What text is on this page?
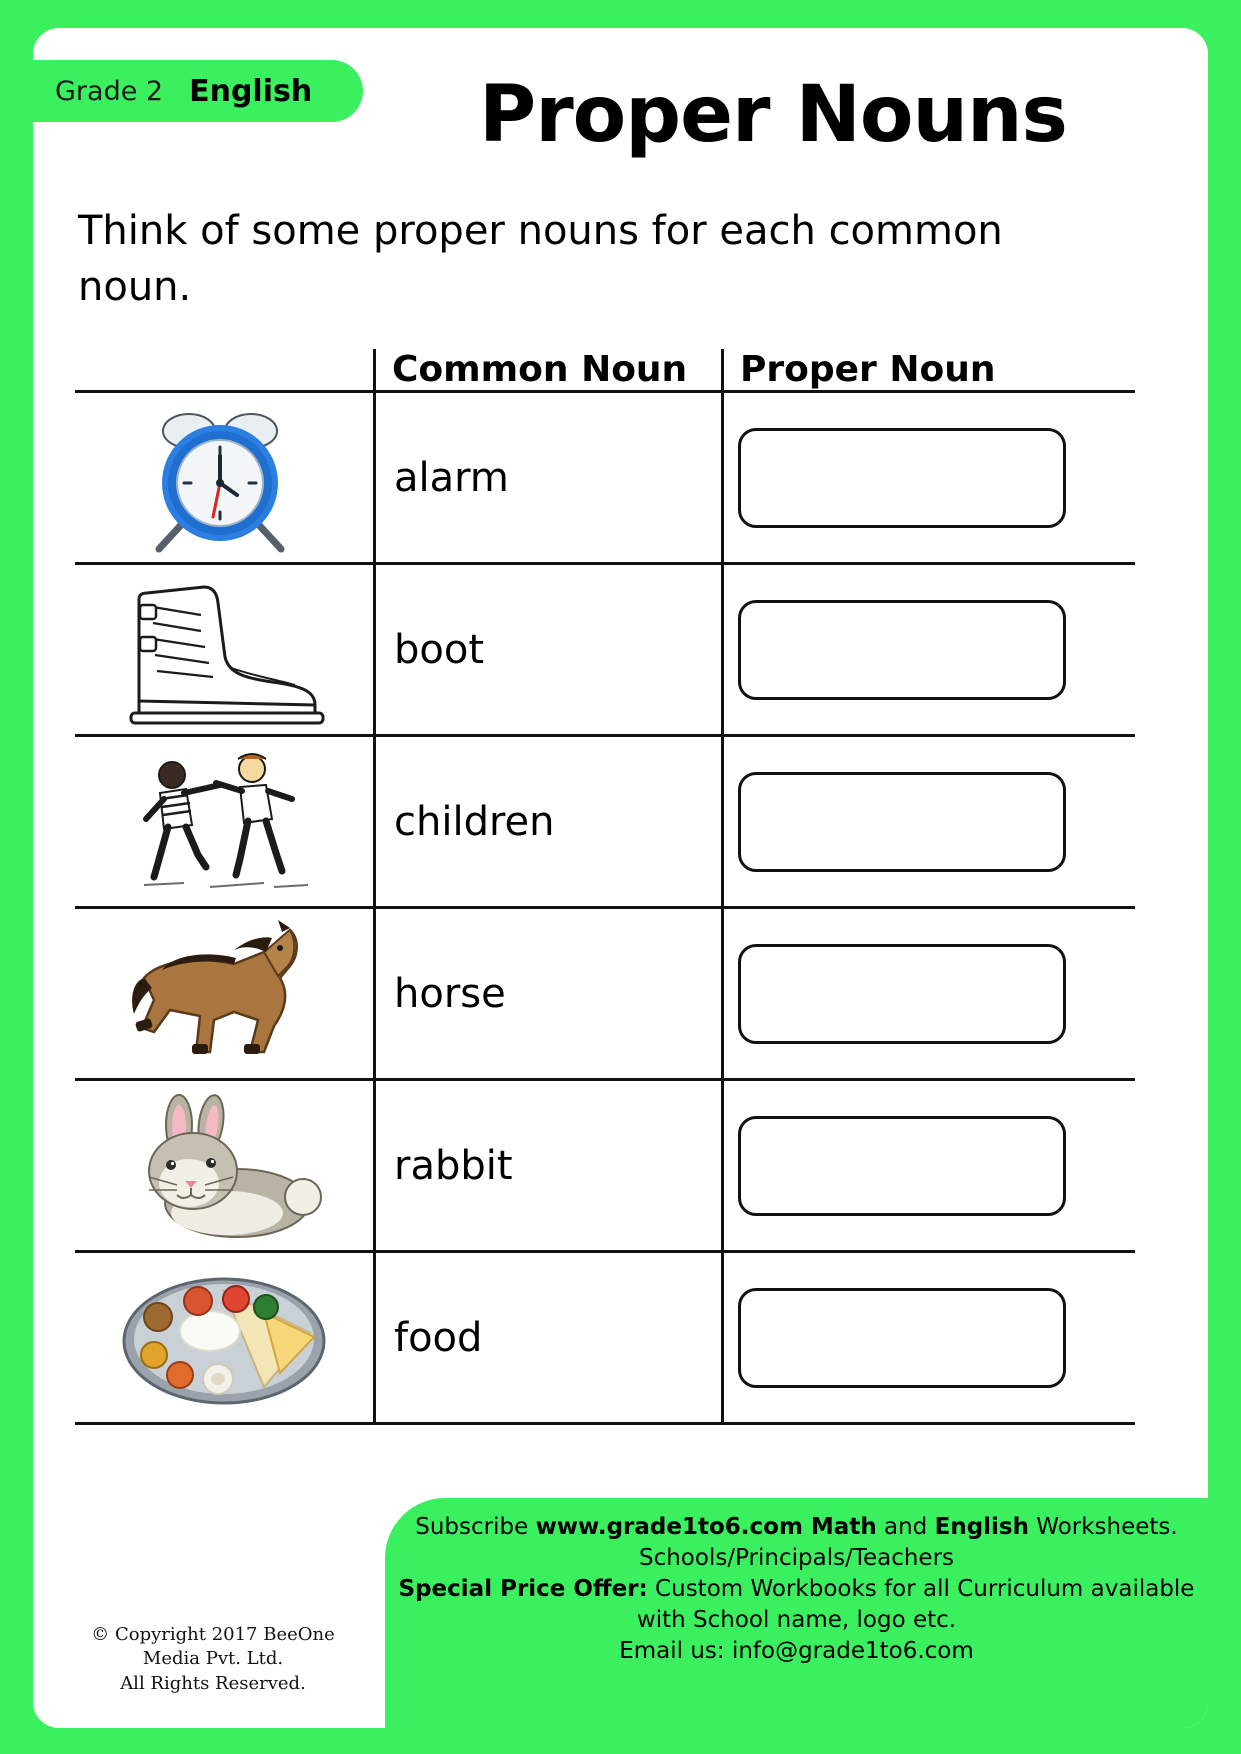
Grade 2 English	Proper Nouns
Think of some proper nouns for each common noun.
Common Noun	Proper Noun
alarm
boot
children
horse
rabbit
food
Subscribe www.grade1to6.com Math and English Worksheets.
Schools/Principals/Teachers
Special Price Offer: Custom Workbooks for all Curriculum available
with School name, logo etc.
Email us: info@grade1to6.com
© Copyright 2017 BeeOne Media Pvt. Ltd.
All Rights Reserved.
